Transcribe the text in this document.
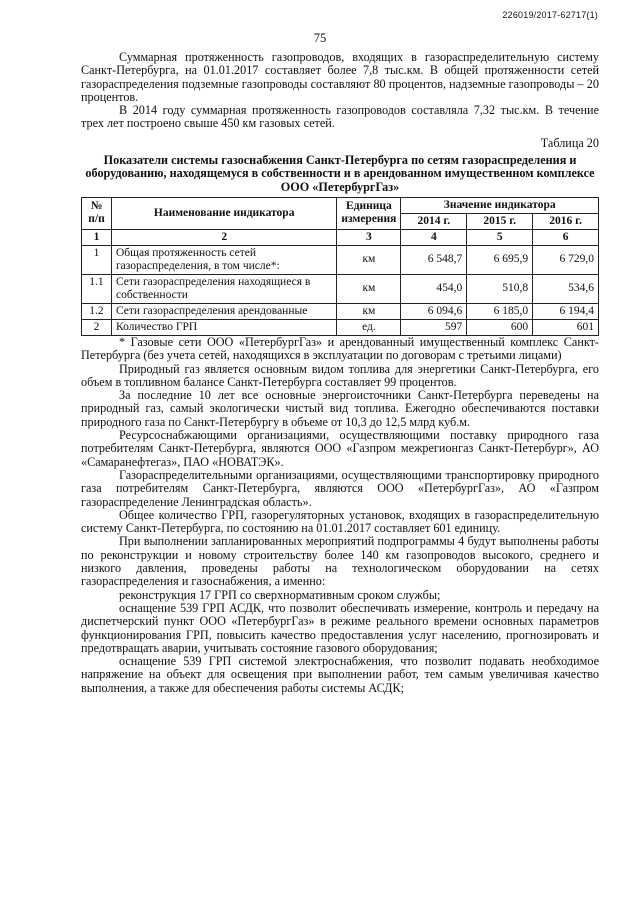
226019/2017-62717(1)
75

Суммарная протяженность газопроводов, входящих в газораспределительную систему Санкт-Петербурга, на 01.01.2017 составляет более 7,8 тыс.км. В общей протяженности сетей газораспределения подземные газопроводы составляют 80 процентов, надземные газопроводы – 20 процентов.

В 2014 году суммарная протяженность газопроводов составляла 7,32 тыс.км. В течение трех лет построено свыше 450 км газовых сетей.

Таблица 20
Показатели системы газоснабжения Санкт-Петербурга по сетям газораспределения и оборудованию, находящемуся в собственности и в арендованном имущественном комплексе ООО «ПетербургГаз»
№ п/п	Наименование индикатора	Единица измерения	Значение индикатора		
			2014 г.	2015 г.	2016 г.
1	2	3	4	5	6
1	Общая протяженность сетей газораспределения, в том числе*:	км	6 548,7	6 695,9	6 729,0
1.1	Сети газораспределения находящиеся в собственности	км	454,0	510,8	534,6
1.2	Сети газораспределения арендованные	км	6 094,6	6 185,0	6 194,4
2	Количество ГРП	ед.	597	600	601

* Газовые сети ООО «ПетербургГаз» и арендованный имущественный комплекс Санкт-Петербурга (без учета сетей, находящихся в эксплуатации по договорам с третьими лицами)

Природный газ является основным видом топлива для энергетики Санкт-Петербурга, его объем в топливном балансе Санкт-Петербурга составляет 99 процентов.

За последние 10 лет все основные энергоисточники Санкт-Петербурга переведены на природный газ, самый экологически чистый вид топлива. Ежегодно обеспечиваются поставки природного газа по Санкт-Петербургу в объеме от 10,3 до 12,5 млрд куб.м.

Ресурсоснабжающими организациями, осуществляющими поставку природного газа потребителям Санкт-Петербурга, являются ООО «Газпром межрегионгаз Санкт-Петербург», АО «Самаранефтегаз», ПАО «НОВАТЭК».

Газораспределительными организациями, осуществляющими транспортировку природного газа потребителям Санкт-Петербурга, являются ООО «ПетербургГаз», АО «Газпром газораспределение Ленинградская область».

Общее количество ГРП, газорегуляторных установок, входящих в газораспределительную систему Санкт-Петербурга, по состоянию на 01.01.2017 составляет 601 единицу.

При выполнении запланированных мероприятий подпрограммы 4 будут выполнены работы по реконструкции и новому строительству более 140 км газопроводов высокого, среднего и низкого давления, проведены работы на технологическом оборудовании на сетях газораспределения и газоснабжения, а именно:

реконструкция 17 ГРП со сверхнормативным сроком службы;

оснащение 539 ГРП АСДК, что позволит обеспечивать измерение, контроль и передачу на диспетчерский пункт ООО «ПетербургГаз» в режиме реального времени основных параметров функционирования ГРП, повысить качество предоставления услуг населению, прогнозировать и предотвращать аварии, учитывать состояние газового оборудования;

оснащение 539 ГРП системой электроснабжения, что позволит подавать необходимое напряжение на объект для освещения при выполнении работ, тем самым увеличивая качество выполнения, а также для обеспечения работы системы АСДК;
